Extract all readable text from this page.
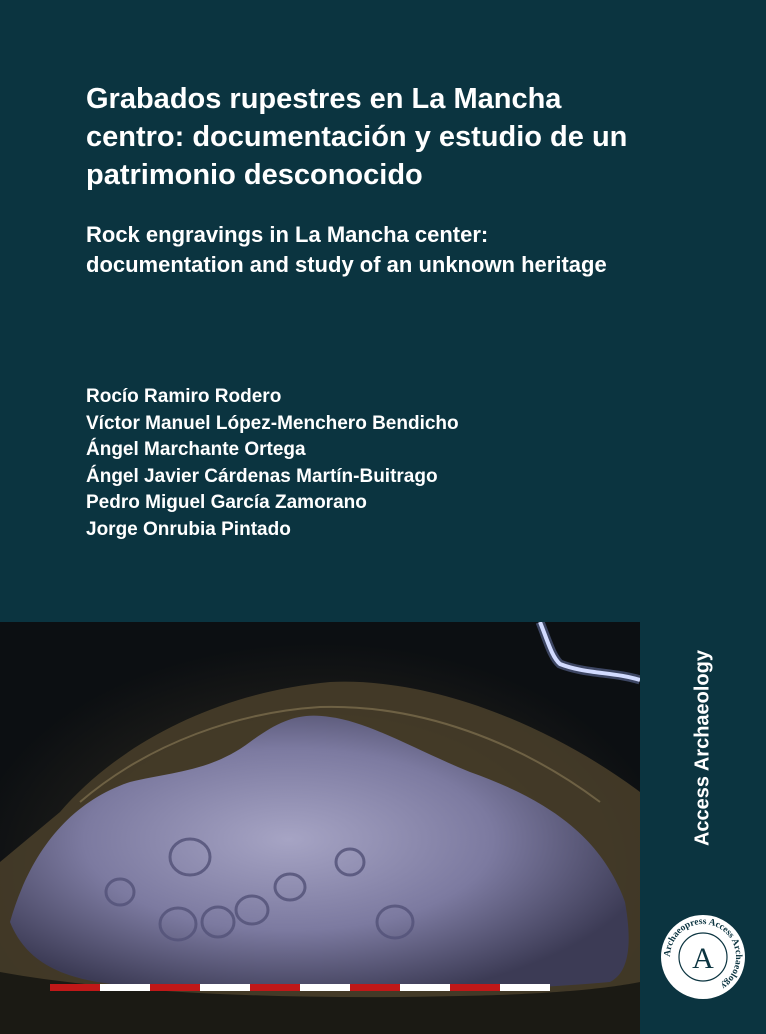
Grabados rupestres en La Mancha centro: documentación y estudio de un patrimonio desconocido
Rock engravings in La Mancha center: documentation and study of an unknown heritage
Rocío Ramiro Rodero
Víctor Manuel López-Menchero Bendicho
Ángel Marchante Ortega
Ángel Javier Cárdenas Martín-Buitrago
Pedro Miguel García Zamorano
Jorge Onrubia Pintado
Access Archaeology
Archaeopress Access Archaeology
A
